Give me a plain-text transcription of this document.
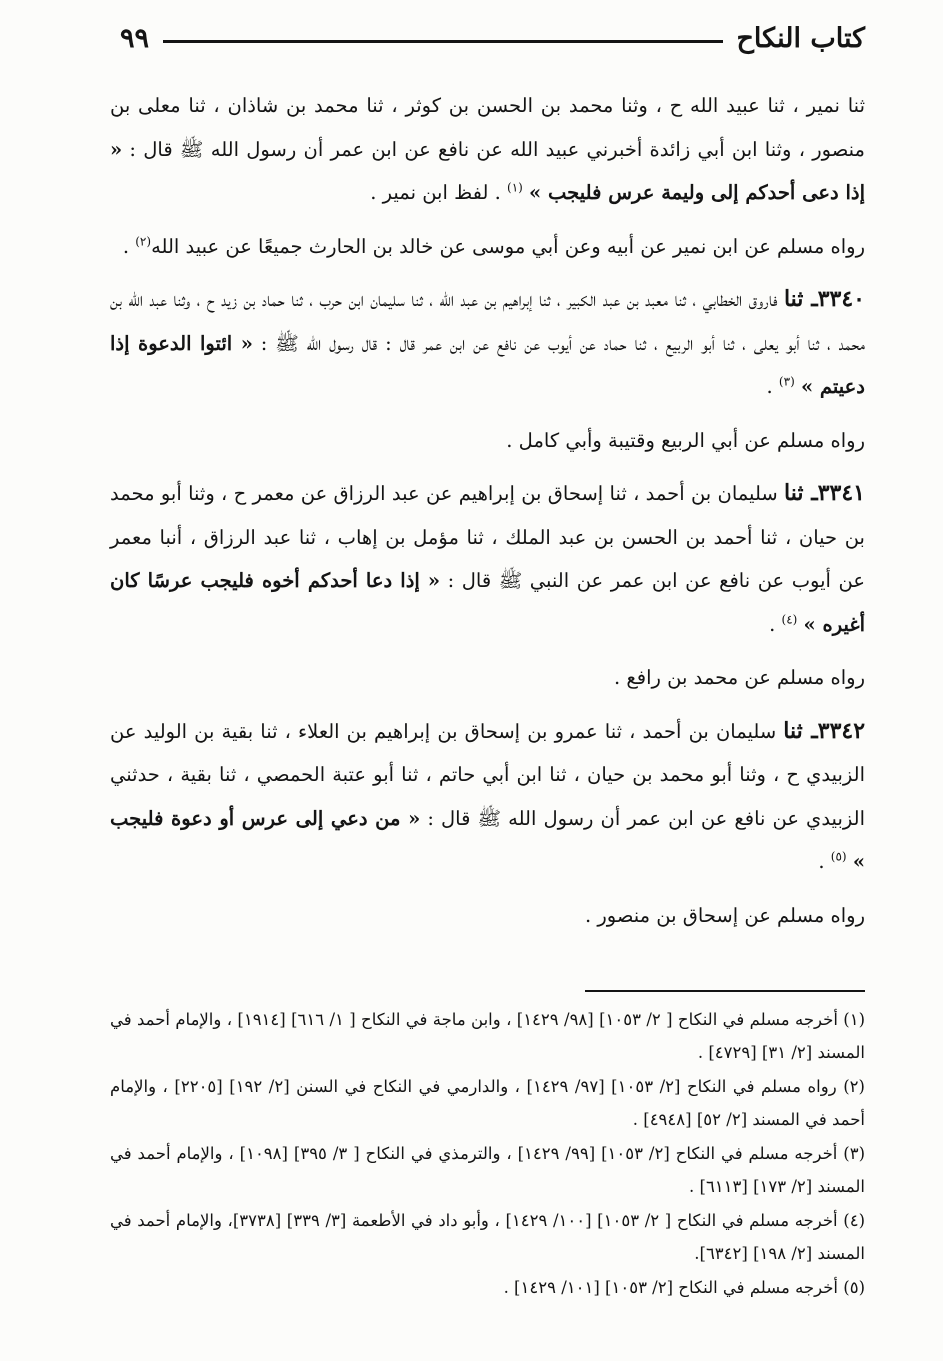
كتاب النكاح
٩٩

ثنا نمير ، ثنا عبيد الله ح ، وثنا محمد بن الحسن بن كوثر ، ثنا محمد بن شاذان ، ثنا معلى بن منصور ، وثنا ابن أبي زائدة أخبرني عبيد الله عن نافع عن ابن عمر أن رسول الله ﷺ قال : « إذا دعى أحدكم إلى وليمة عرس فليجب » $^{(١)}$ . لفظ ابن نمير .

رواه مسلم عن ابن نمير عن أبيه وعن أبي موسى عن خالد بن الحارث جميعًا عن عبيد الله$^{(٢)}$ .

٣٣٤٠ـ ثنا فاروق الخطابي ، ثنا معبد بن عبد الكبير ، ثنا إبراهيم بن عبد الله ، ثنا سليمان ابن حرب ، ثنا حماد بن زيد ح ، وثنا عبد الله بن محمد ، ثنا أبو يعلى ، ثنا أبو الربيع ، ثنا حماد عن أيوب عن نافع عن ابن عمر قال : قال رسول الله ﷺ : « ائتوا الدعوة إذا دعيتم » $^{(٣)}$ .

رواه مسلم عن أبي الربيع وقتيبة وأبي كامل .

٣٣٤١ـ ثنا سليمان بن أحمد ، ثنا إسحاق بن إبراهيم عن عبد الرزاق عن معمر ح ، وثنا أبو محمد بن حيان ، ثنا أحمد بن الحسن بن عبد الملك ، ثنا مؤمل بن إهاب ، ثنا عبد الرزاق ، أنبا معمر عن أيوب عن نافع عن ابن عمر عن النبي ﷺ قال : « إذا دعا أحدكم أخوه فليجب عرسًا كان أغيره » $^{(٤)}$ .

رواه مسلم عن محمد بن رافع .

٣٣٤٢ـ ثنا سليمان بن أحمد ، ثنا عمرو بن إسحاق بن إبراهيم بن العلاء ، ثنا بقية بن الوليد عن الزبيدي ح ، وثنا أبو محمد بن حيان ، ثنا ابن أبي حاتم ، ثنا أبو عتبة الحمصي ، ثنا بقية ، حدثني الزبيدي عن نافع عن ابن عمر أن رسول الله ﷺ قال : « من دعي إلى عرس أو دعوة فليجب » $^{(٥)}$ .

رواه مسلم عن إسحاق بن منصور .

(١) أخرجه مسلم في النكاح [ ٢/ ١٠٥٣] [٩٨/ ١٤٢٩] ، وابن ماجة في النكاح [ ١/ ٦١٦] [١٩١٤] ، والإمام أحمد في المسند [٢/ ٣١] [٤٧٢٩] .

(٢) رواه مسلم في النكاح [٢/ ١٠٥٣] [٩٧/ ١٤٢٩] ، والدارمي في النكاح في السنن [٢/ ١٩٢] [٢٢٠٥] ، والإمام أحمد في المسند [٢/ ٥٢] [٤٩٤٨] .

(٣) أخرجه مسلم في النكاح [٢/ ١٠٥٣] [٩٩/ ١٤٢٩] ، والترمذي في النكاح [ ٣/ ٣٩٥] [١٠٩٨] ، والإمام أحمد في المسند [٢/ ١٧٣] [٦١١٣] .

(٤) أخرجه مسلم في النكاح [ ٢/ ١٠٥٣] [١٠٠/ ١٤٢٩] ، وأبو داد في الأطعمة [٣/ ٣٣٩] [٣٧٣٨]، والإمام أحمد في المسند [٢/ ١٩٨] [٦٣٤٢].

(٥) أخرجه مسلم في النكاح [٢/ ١٠٥٣] [١٠١/ ١٤٢٩] .
